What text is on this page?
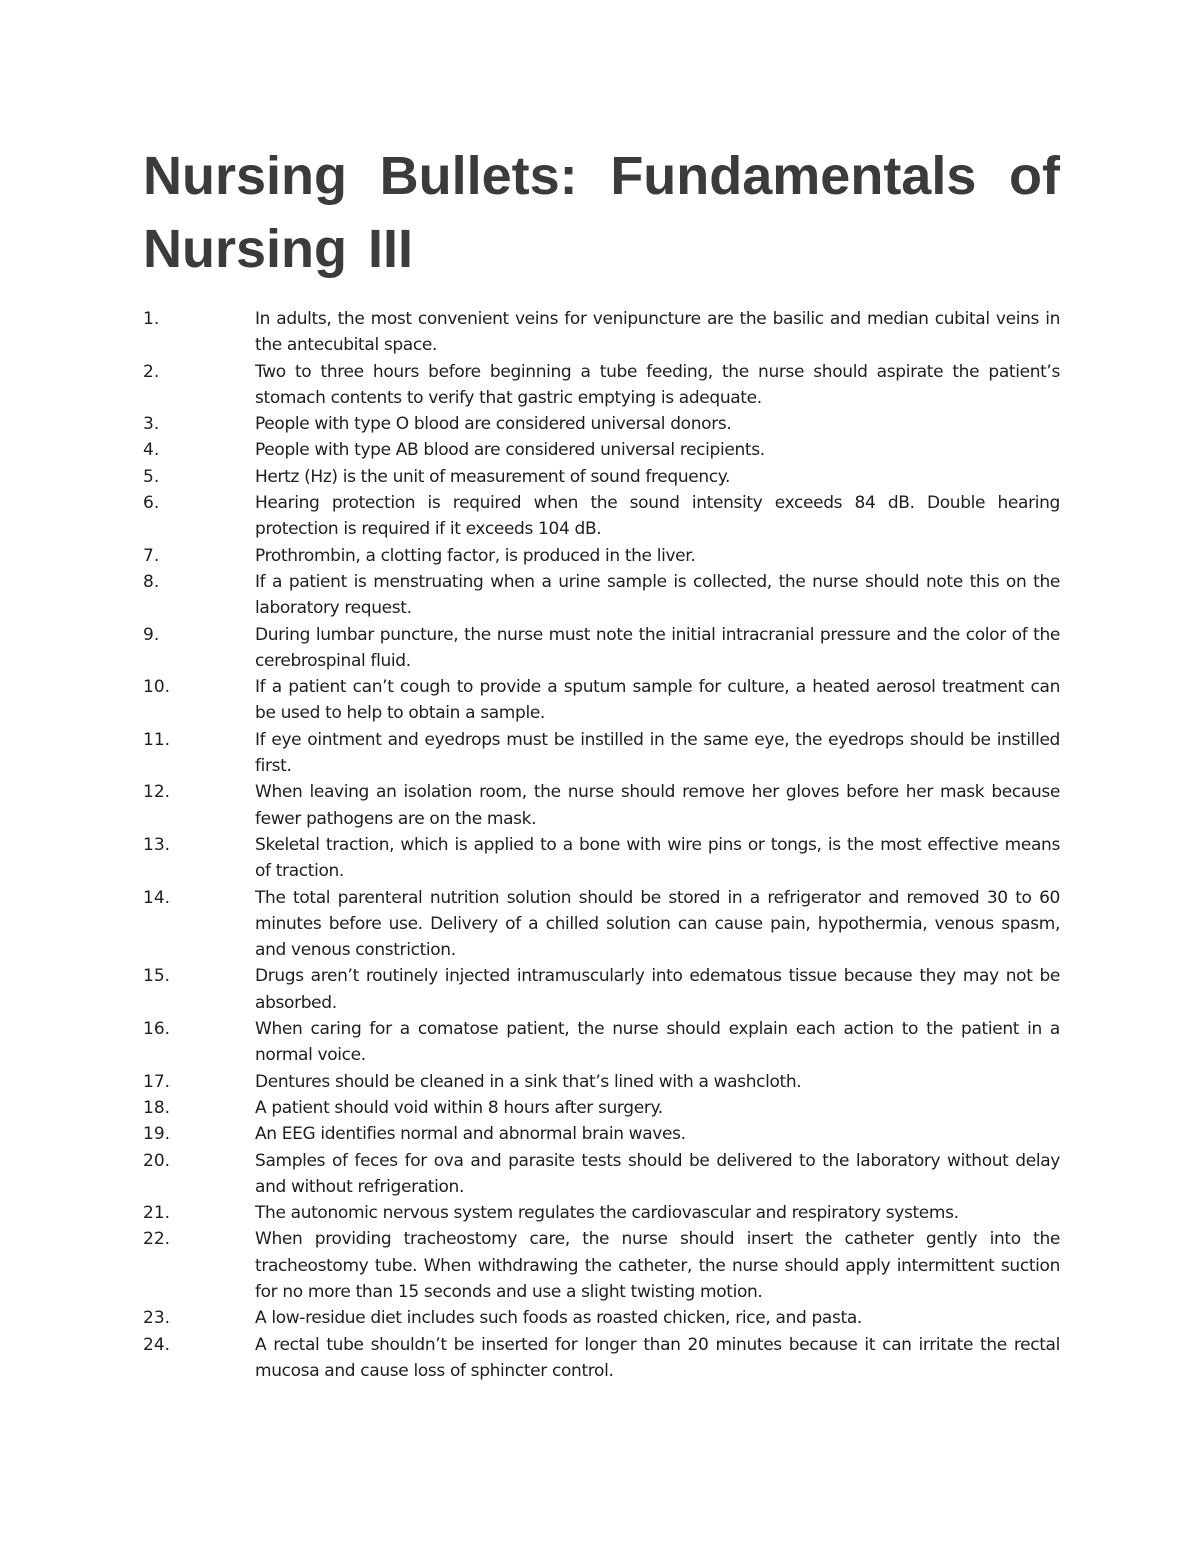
Nursing Bullets: Fundamentals of Nursing III
1.	In adults, the most convenient veins for venipuncture are the basilic and median cubital veins in the antecubital space.
2.	Two to three hours before beginning a tube feeding, the nurse should aspirate the patient’s stomach contents to verify that gastric emptying is adequate.
3.	People with type O blood are considered universal donors.
4.	People with type AB blood are considered universal recipients.
5.	Hertz (Hz) is the unit of measurement of sound frequency.
6.	Hearing protection is required when the sound intensity exceeds 84 dB. Double hearing protection is required if it exceeds 104 dB.
7.	Prothrombin, a clotting factor, is produced in the liver.
8.	If a patient is menstruating when a urine sample is collected, the nurse should note this on the laboratory request.
9.	During lumbar puncture, the nurse must note the initial intracranial pressure and the color of the cerebrospinal fluid.
10.	If a patient can’t cough to provide a sputum sample for culture, a heated aerosol treatment can be used to help to obtain a sample.
11.	If eye ointment and eyedrops must be instilled in the same eye, the eyedrops should be instilled first.
12.	When leaving an isolation room, the nurse should remove her gloves before her mask because fewer pathogens are on the mask.
13.	Skeletal traction, which is applied to a bone with wire pins or tongs, is the most effective means of traction.
14.	The total parenteral nutrition solution should be stored in a refrigerator and removed 30 to 60 minutes before use. Delivery of a chilled solution can cause pain, hypothermia, venous spasm, and venous constriction.
15.	Drugs aren’t routinely injected intramuscularly into edematous tissue because they may not be absorbed.
16.	When caring for a comatose patient, the nurse should explain each action to the patient in a normal voice.
17.	Dentures should be cleaned in a sink that’s lined with a washcloth.
18.	A patient should void within 8 hours after surgery.
19.	An EEG identifies normal and abnormal brain waves.
20.	Samples of feces for ova and parasite tests should be delivered to the laboratory without delay and without refrigeration.
21.	The autonomic nervous system regulates the cardiovascular and respiratory systems.
22.	When providing tracheostomy care, the nurse should insert the catheter gently into the tracheostomy tube. When withdrawing the catheter, the nurse should apply intermittent suction for no more than 15 seconds and use a slight twisting motion.
23.	A low-residue diet includes such foods as roasted chicken, rice, and pasta.
24.	A rectal tube shouldn’t be inserted for longer than 20 minutes because it can irritate the rectal mucosa and cause loss of sphincter control.
